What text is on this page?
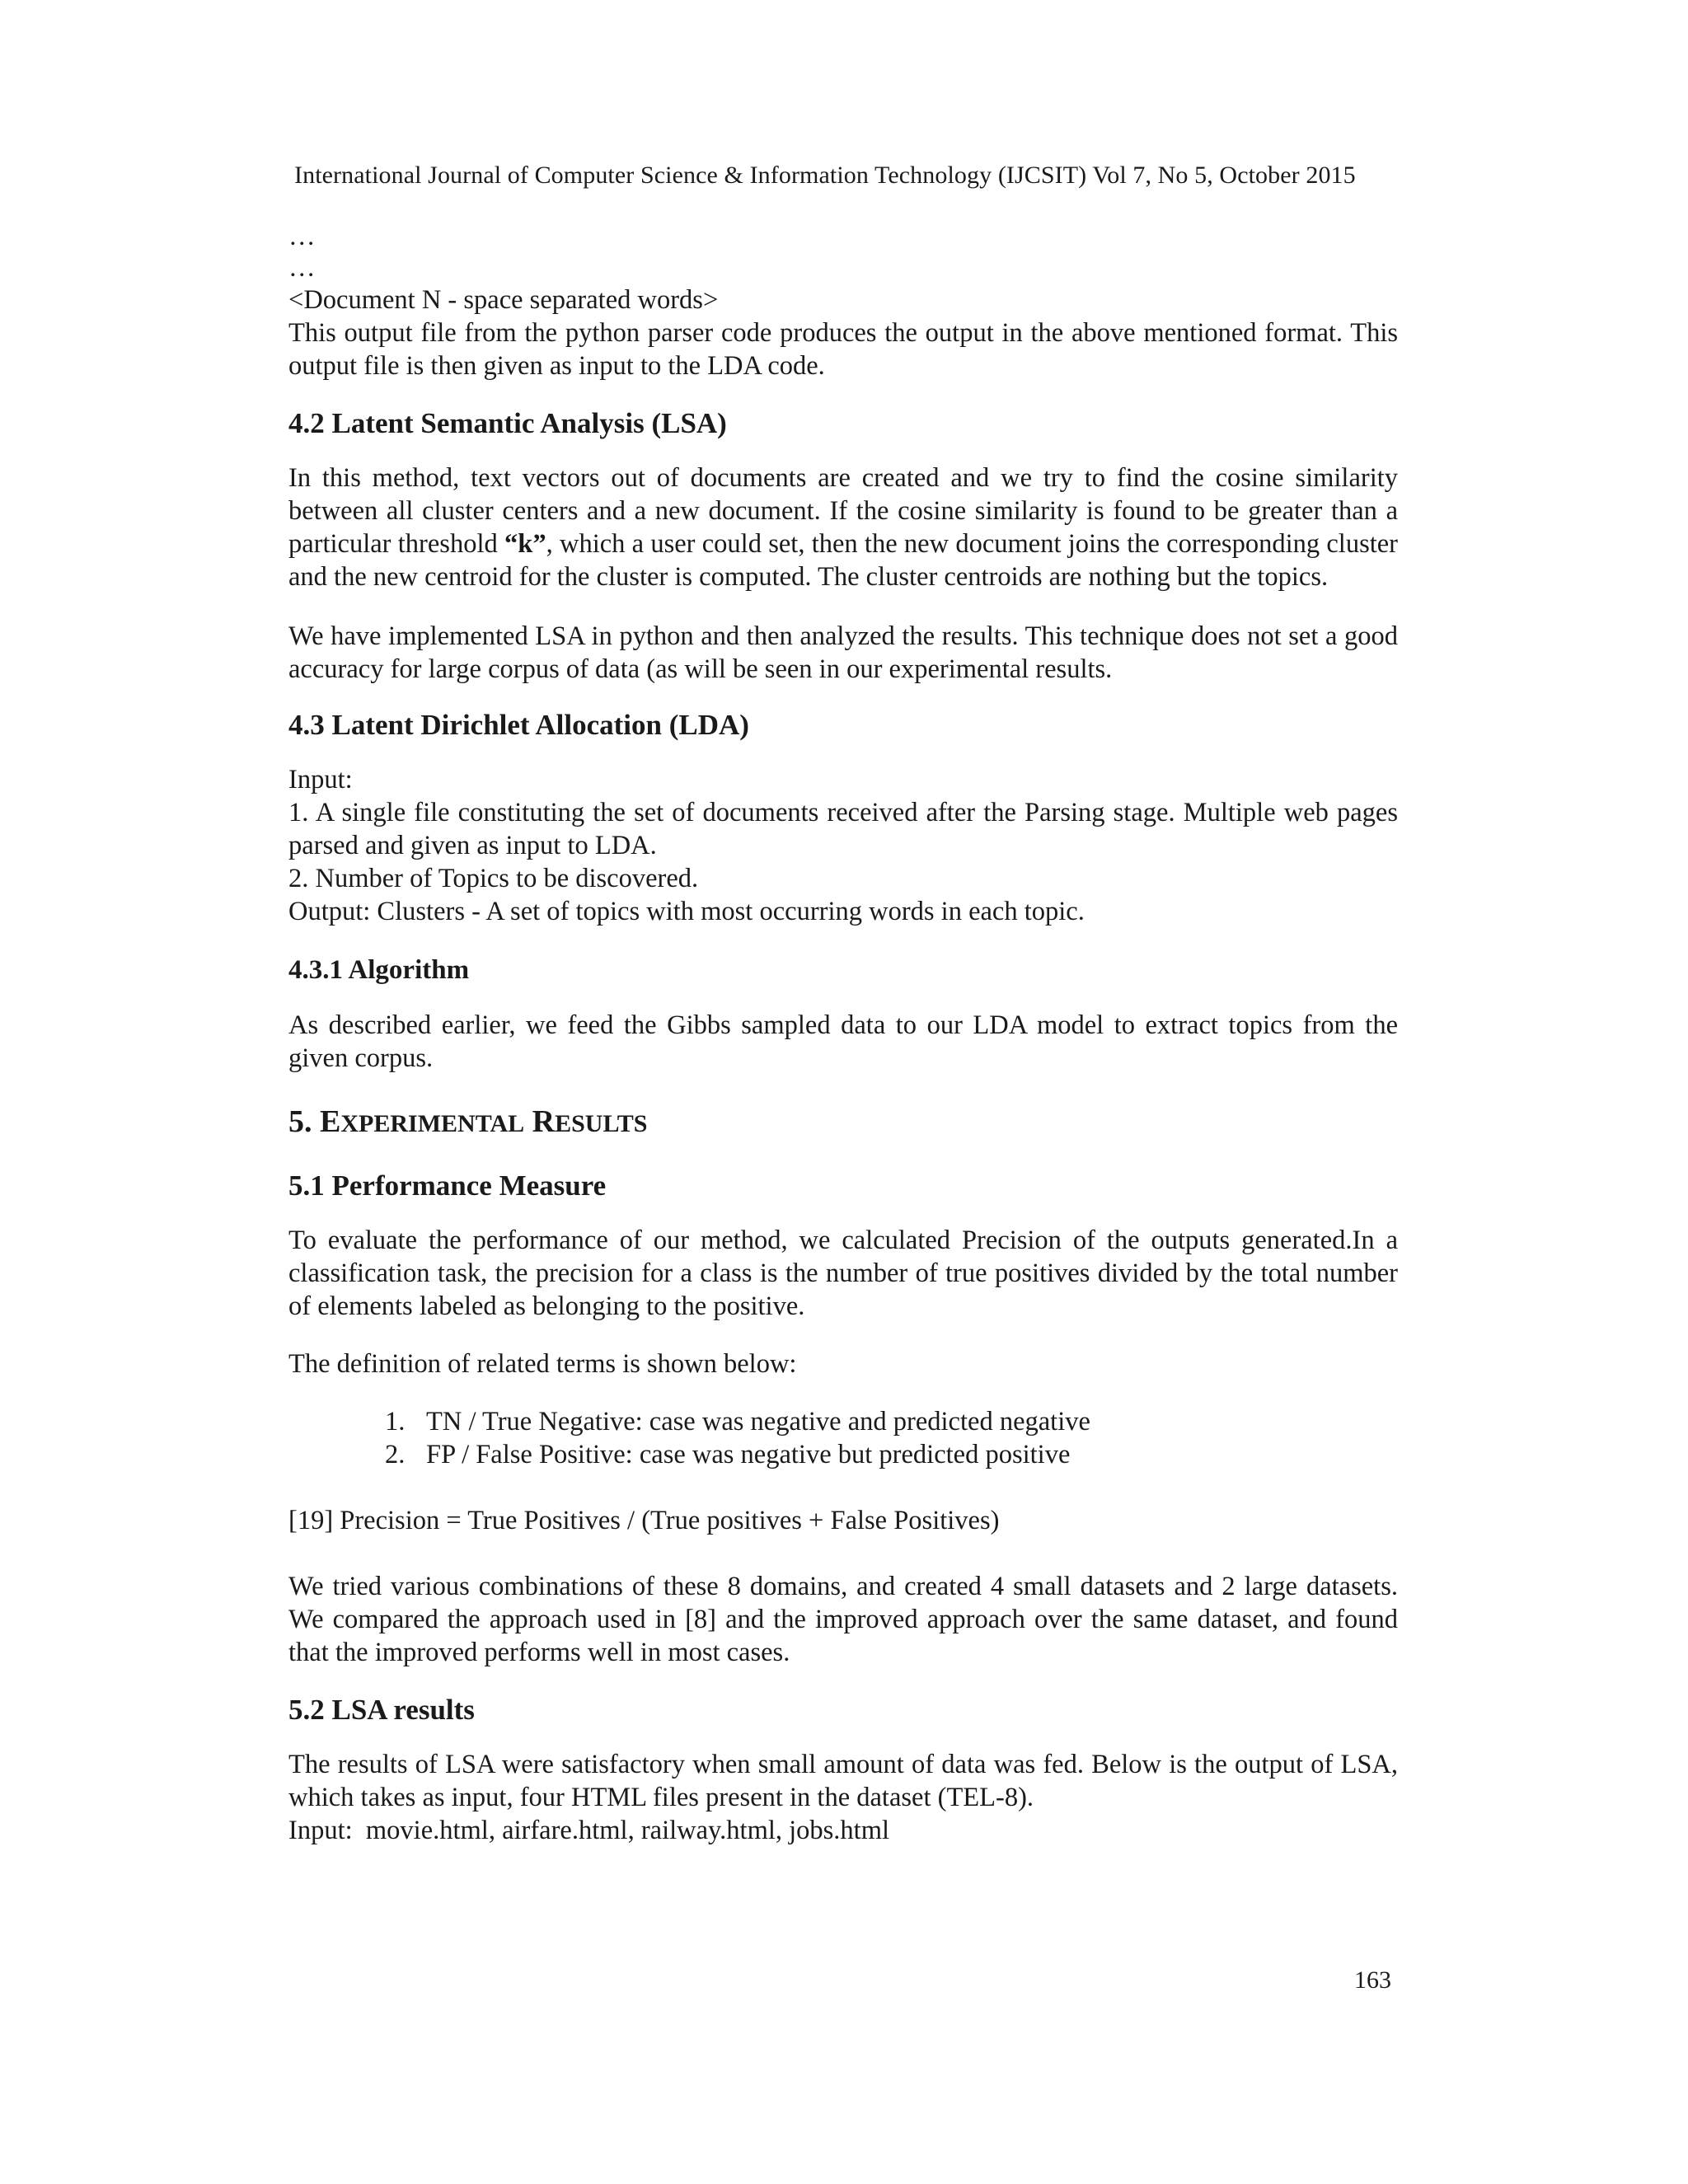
International Journal of Computer Science & Information Technology (IJCSIT) Vol 7, No 5, October 2015

…

…

<Document N - space separated words>

This output file from the python parser code produces the output in the above mentioned format. This output file is then given as input to the LDA code.

4.2 Latent Semantic Analysis (LSA)

In this method, text vectors out of documents are created and we try to find the cosine similarity between all cluster centers and a new document. If the cosine similarity is found to be greater than a particular threshold “k”, which a user could set, then the new document joins the corresponding cluster and the new centroid for the cluster is computed. The cluster centroids are nothing but the topics.

We have implemented LSA in python and then analyzed the results. This technique does not set a good accuracy for large corpus of data (as will be seen in our experimental results.

4.3 Latent Dirichlet Allocation (LDA)

Input:

1. A single file constituting the set of documents received after the Parsing stage. Multiple web pages parsed and given as input to LDA.

2. Number of Topics to be discovered.

Output: Clusters - A set of topics with most occurring words in each topic.

4.3.1 Algorithm

As described earlier, we feed the Gibbs sampled data to our LDA model to extract topics from the given corpus.

5. EXPERIMENTAL RESULTS

5.1 Performance Measure

To evaluate the performance of our method, we calculated Precision of the outputs generated.In a classification task, the precision for a class is the number of true positives divided by the total number of elements labeled as belonging to the positive.

The definition of related terms is shown below:

1. TN / True Negative: case was negative and predicted negative
2. FP / False Positive: case was negative but predicted positive

[19] Precision = True Positives / (True positives + False Positives)

We tried various combinations of these 8 domains, and created 4 small datasets and 2 large datasets. We compared the approach used in [8] and the improved approach over the same dataset, and found that the improved performs well in most cases.

5.2 LSA results

The results of LSA were satisfactory when small amount of data was fed. Below is the output of LSA, which takes as input, four HTML files present in the dataset (TEL-8).

Input:  movie.html, airfare.html, railway.html, jobs.html

163
